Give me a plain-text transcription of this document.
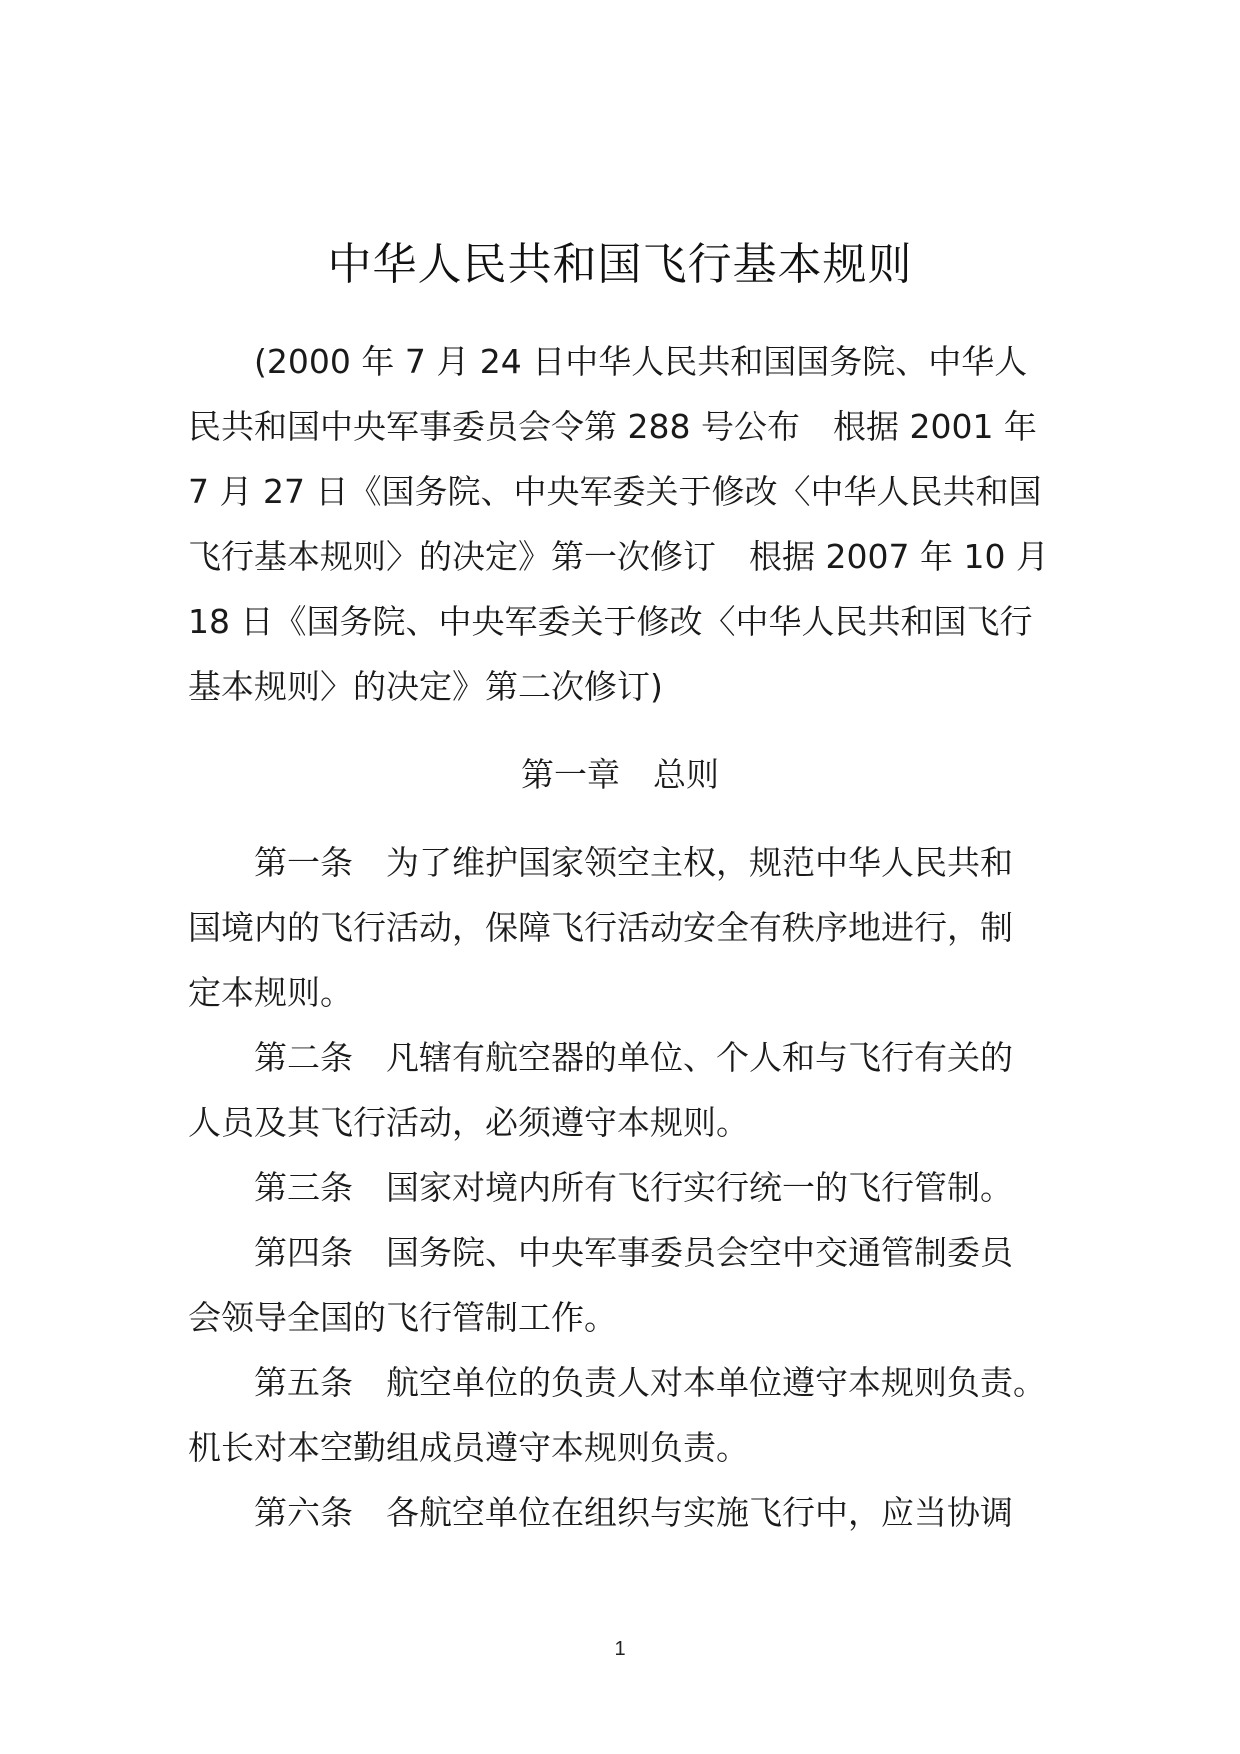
中华人民共和国飞行基本规则
　　(2000 年 7 月 24 日中华人民共和国国务院、中华人
民共和国中央军事委员会令第 288 号公布　根据 2001 年
7 月 27 日《国务院、中央军委关于修改〈中华人民共和国
飞行基本规则〉的决定》第一次修订　根据 2007 年 10 月
18 日《国务院、中央军委关于修改〈中华人民共和国飞行
基本规则〉的决定》第二次修订)
第一章　总则
第一条　为了维护国家领空主权，规范中华人民共和
国境内的飞行活动，保障飞行活动安全有秩序地进行，制
定本规则。
第二条　凡辖有航空器的单位、个人和与飞行有关的
人员及其飞行活动，必须遵守本规则。
第三条　国家对境内所有飞行实行统一的飞行管制。
第四条　国务院、中央军事委员会空中交通管制委员
会领导全国的飞行管制工作。
第五条　航空单位的负责人对本单位遵守本规则负责。
机长对本空勤组成员遵守本规则负责。
第六条　各航空单位在组织与实施飞行中，应当协调
1
